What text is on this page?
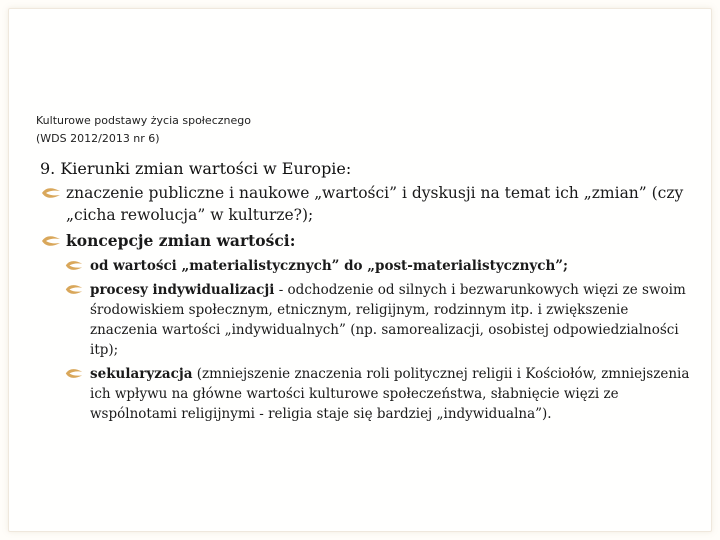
Kulturowe podstawy życia społecznego
(WDS 2012/2013 nr 6)
9. Kierunki zmian wartości w Europie:
znaczenie publiczne i naukowe „wartości” i dyskusji na temat ich „zmian” (czy „cicha rewolucja” w kulturze?);
koncepcje zmian wartości:
od wartości „materialistycznych” do „post-materialistycznych”;
procesy indywidualizacji - odchodzenie od silnych i bezwarunkowych więzi ze swoim środowiskiem społecznym, etnicznym, religijnym, rodzinnym itp. i zwiększenie znaczenia wartości „indywidualnych” (np. samorealizacji, osobistej odpowiedzialności itp);
sekularyzacja (zmniejszenie znaczenia roli politycznej religii i Kościołów, zmniejszenia ich wpływu na główne wartości kulturowe społeczeństwa, słabnięcie więzi ze wspólnotami religijnymi - religia staje się bardziej „indywidualna”).
